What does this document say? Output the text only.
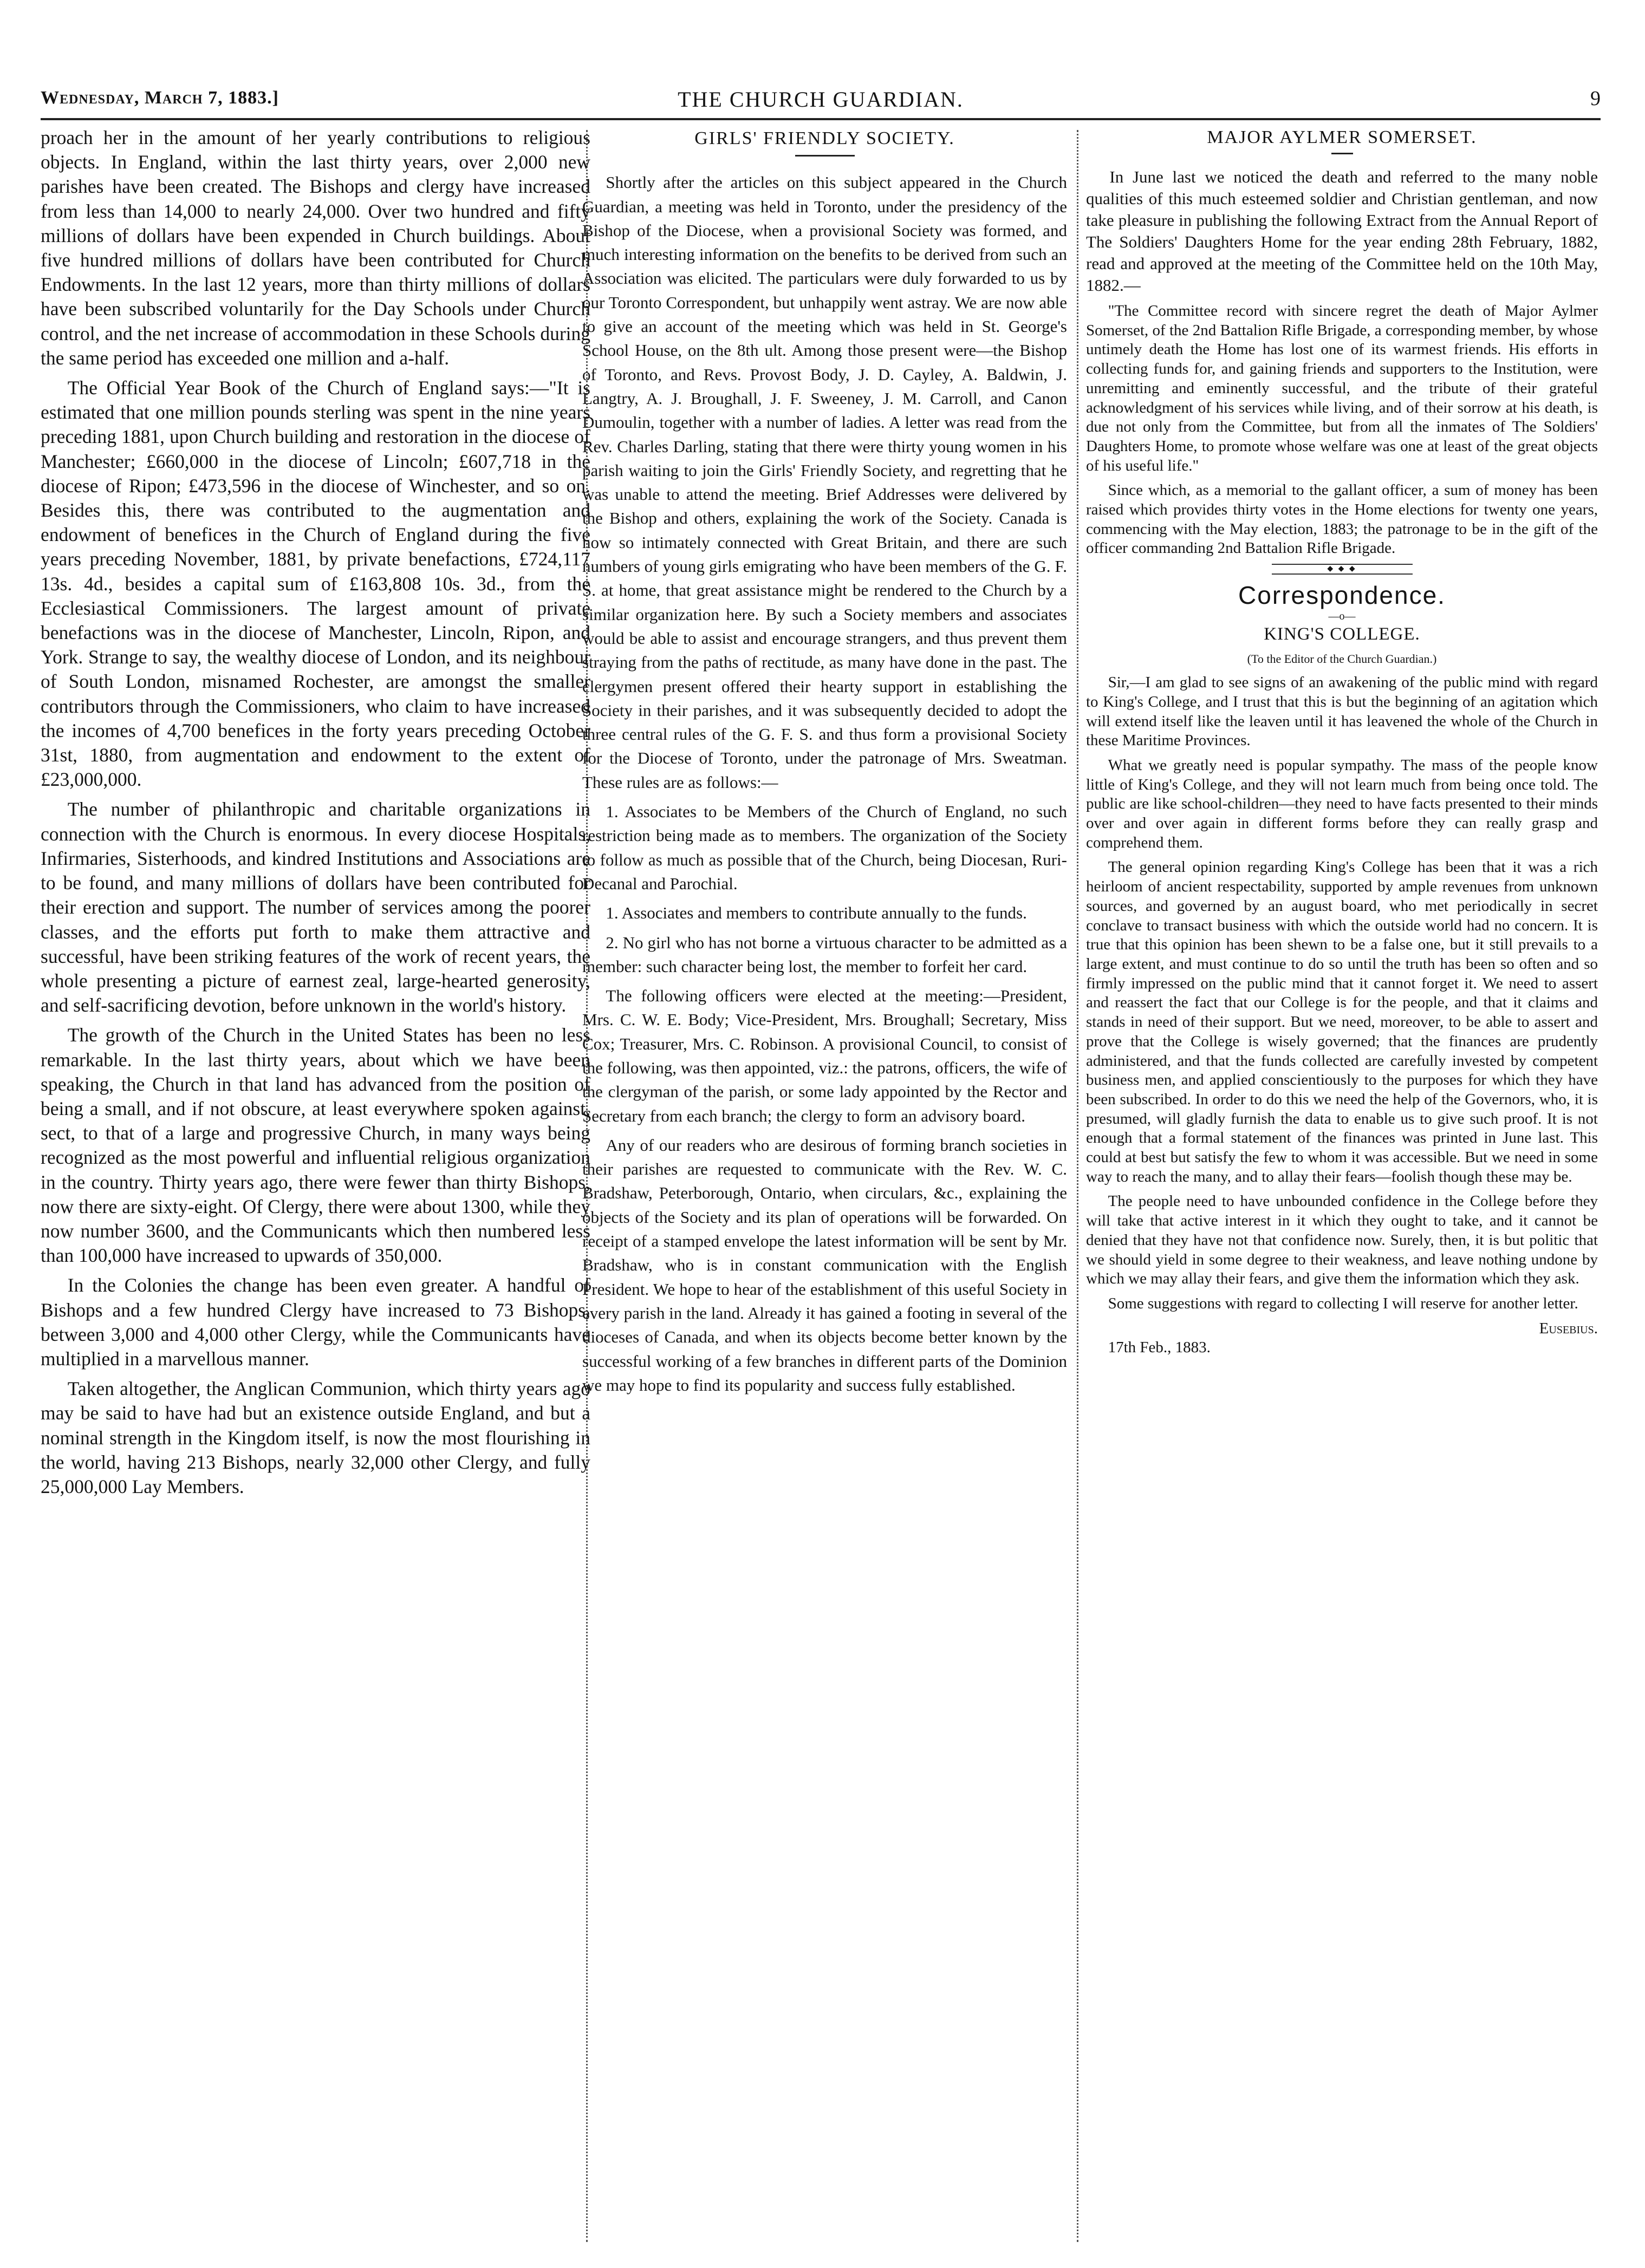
Wednesday, March 7, 1883.]	THE CHURCH GUARDIAN.	9

proach her in the amount of her yearly contributions to religious objects. In England, within the last thirty years, over 2,000 new parishes have been created. The Bishops and clergy have increased from less than 14,000 to nearly 24,000. Over two hundred and fifty millions of dollars have been expended in Church buildings. About five hundred millions of dollars have been contributed for Church Endowments. In the last 12 years, more than thirty millions of dollars have been subscribed voluntarily for the Day Schools under Church control, and the net increase of accommodation in these Schools during the same period has exceeded one million and a-half.

The Official Year Book of the Church of England says:—"It is estimated that one million pounds sterling was spent in the nine years preceding 1881, upon Church building and restoration in the diocese of Manchester; £660,000 in the diocese of Lincoln; £607,718 in the diocese of Ripon; £473,596 in the diocese of Winchester, and so on. Besides this, there was contributed to the augmentation and endowment of benefices in the Church of England during the five years preceding November, 1881, by private benefactions, £724,117 13s. 4d., besides a capital sum of £163,808 10s. 3d., from the Ecclesiastical Commissioners. The largest amount of private benefactions was in the diocese of Manchester, Lincoln, Ripon, and York. Strange to say, the wealthy diocese of London, and its neighbour of South London, misnamed Rochester, are amongst the smaller contributors through the Commissioners, who claim to have increased the incomes of 4,700 benefices in the forty years preceding October 31st, 1880, from augmentation and endowment to the extent of £23,000,000.

The number of philanthropic and charitable organizations in connection with the Church is enormous. In every diocese Hospitals, Infirmaries, Sisterhoods, and kindred Institutions and Associations are to be found, and many millions of dollars have been contributed for their erection and support. The number of services among the poorer classes, and the efforts put forth to make them attractive and successful, have been striking features of the work of recent years, the whole presenting a picture of earnest zeal, large-hearted generosity, and self-sacrificing devotion, before unknown in the world's history.

The growth of the Church in the United States has been no less remarkable. In the last thirty years, about which we have been speaking, the Church in that land has advanced from the position of being a small, and if not obscure, at least everywhere spoken against, sect, to that of a large and progressive Church, in many ways being recognized as the most powerful and influential religious organization in the country. Thirty years ago, there were fewer than thirty Bishops, now there are sixty-eight. Of Clergy, there were about 1300, while they now number 3600, and the Communicants which then numbered less than 100,000 have increased to upwards of 350,000.

In the Colonies the change has been even greater. A handful of Bishops and a few hundred Clergy have increased to 73 Bishops, between 3,000 and 4,000 other Clergy, while the Communicants have multiplied in a marvellous manner.

Taken altogether, the Anglican Communion, which thirty years ago may be said to have had but an existence outside England, and but a nominal strength in the Kingdom itself, is now the most flourishing in the world, having 213 Bishops, nearly 32,000 other Clergy, and fully 25,000,000 Lay Members.

GIRLS' FRIENDLY SOCIETY.

Shortly after the articles on this subject appeared in the Church Guardian, a meeting was held in Toronto, under the presidency of the Bishop of the Diocese, when a provisional Society was formed, and much interesting information on the benefits to be derived from such an Association was elicited. The particulars were duly forwarded to us by our Toronto Correspondent, but unhappily went astray. We are now able to give an account of the meeting which was held in St. George's School House, on the 8th ult. Among those present were—the Bishop of Toronto, and Revs. Provost Body, J. D. Cayley, A. Baldwin, J. Langtry, A. J. Broughall, J. F. Sweeney, J. M. Carroll, and Canon Dumoulin, together with a number of ladies. A letter was read from the Rev. Charles Darling, stating that there were thirty young women in his parish waiting to join the Girls' Friendly Society, and regretting that he was unable to attend the meeting. Brief Addresses were delivered by the Bishop and others, explaining the work of the Society. Canada is now so intimately connected with Great Britain, and there are such numbers of young girls emigrating who have been members of the G. F. S. at home, that great assistance might be rendered to the Church by a similar organization here. By such a Society members and associates would be able to assist and encourage strangers, and thus prevent them straying from the paths of rectitude, as many have done in the past. The clergymen present offered their hearty support in establishing the Society in their parishes, and it was subsequently decided to adopt the three central rules of the G. F. S. and thus form a provisional Society for the Diocese of Toronto, under the patronage of Mrs. Sweatman. These rules are as follows:—

1. Associates to be Members of the Church of England, no such restriction being made as to members. The organization of the Society to follow as much as possible that of the Church, being Diocesan, Ruri-Decanal and Parochial.

1. Associates and members to contribute annually to the funds.

2. No girl who has not borne a virtuous character to be admitted as a member: such character being lost, the member to forfeit her card.

The following officers were elected at the meeting:—President, Mrs. C. W. E. Body; Vice-President, Mrs. Broughall; Secretary, Miss Cox; Treasurer, Mrs. C. Robinson. A provisional Council, to consist of the following, was then appointed, viz.: the patrons, officers, the wife of the clergyman of the parish, or some lady appointed by the Rector and Secretary from each branch; the clergy to form an advisory board.

Any of our readers who are desirous of forming branch societies in their parishes are requested to communicate with the Rev. W. C. Bradshaw, Peterborough, Ontario, when circulars, &c., explaining the objects of the Society and its plan of operations will be forwarded. On receipt of a stamped envelope the latest information will be sent by Mr. Bradshaw, who is in constant communication with the English President. We hope to hear of the establishment of this useful Society in every parish in the land. Already it has gained a footing in several of the dioceses of Canada, and when its objects become better known by the successful working of a few branches in different parts of the Dominion we may hope to find its popularity and success fully established.

MAJOR AYLMER SOMERSET.

In June last we noticed the death and referred to the many noble qualities of this much esteemed soldier and Christian gentleman, and now take pleasure in publishing the following Extract from the Annual Report of The Soldiers' Daughters Home for the year ending 28th February, 1882, read and approved at the meeting of the Committee held on the 10th May, 1882.—

"The Committee record with sincere regret the death of Major Aylmer Somerset, of the 2nd Battalion Rifle Brigade, a corresponding member, by whose untimely death the Home has lost one of its warmest friends. His efforts in collecting funds for, and gaining friends and supporters to the Institution, were unremitting and eminently successful, and the tribute of their grateful acknowledgment of his services while living, and of their sorrow at his death, is due not only from the Committee, but from all the inmates of The Soldiers' Daughters Home, to promote whose welfare was one at least of the great objects of his useful life."

Since which, as a memorial to the gallant officer, a sum of money has been raised which provides thirty votes in the Home elections for twenty one years, commencing with the May election, 1883; the patronage to be in the gift of the officer commanding 2nd Battalion Rifle Brigade.

◆ ◆ ◆
Correspondence.
—o—
KING'S COLLEGE.

(To the Editor of the Church Guardian.)

Sir,—I am glad to see signs of an awakening of the public mind with regard to King's College, and I trust that this is but the beginning of an agitation which will extend itself like the leaven until it has leavened the whole of the Church in these Maritime Provinces.

What we greatly need is popular sympathy. The mass of the people know little of King's College, and they will not learn much from being once told. The public are like school-children—they need to have facts presented to their minds over and over again in different forms before they can really grasp and comprehend them.

The general opinion regarding King's College has been that it was a rich heirloom of ancient respectability, supported by ample revenues from unknown sources, and governed by an august board, who met periodically in secret conclave to transact business with which the outside world had no concern. It is true that this opinion has been shewn to be a false one, but it still prevails to a large extent, and must continue to do so until the truth has been so often and so firmly impressed on the public mind that it cannot forget it. We need to assert and reassert the fact that our College is for the people, and that it claims and stands in need of their support. But we need, moreover, to be able to assert and prove that the College is wisely governed; that the finances are prudently administered, and that the funds collected are carefully invested by competent business men, and applied conscientiously to the purposes for which they have been subscribed. In order to do this we need the help of the Governors, who, it is presumed, will gladly furnish the data to enable us to give such proof. It is not enough that a formal statement of the finances was printed in June last. This could at best but satisfy the few to whom it was accessible. But we need in some way to reach the many, and to allay their fears—foolish though these may be.

The people need to have unbounded confidence in the College before they will take that active interest in it which they ought to take, and it cannot be denied that they have not that confidence now. Surely, then, it is but politic that we should yield in some degree to their weakness, and leave nothing undone by which we may allay their fears, and give them the information which they ask.

Some suggestions with regard to collecting I will reserve for another letter.

Eusebius.

17th Feb., 1883.
